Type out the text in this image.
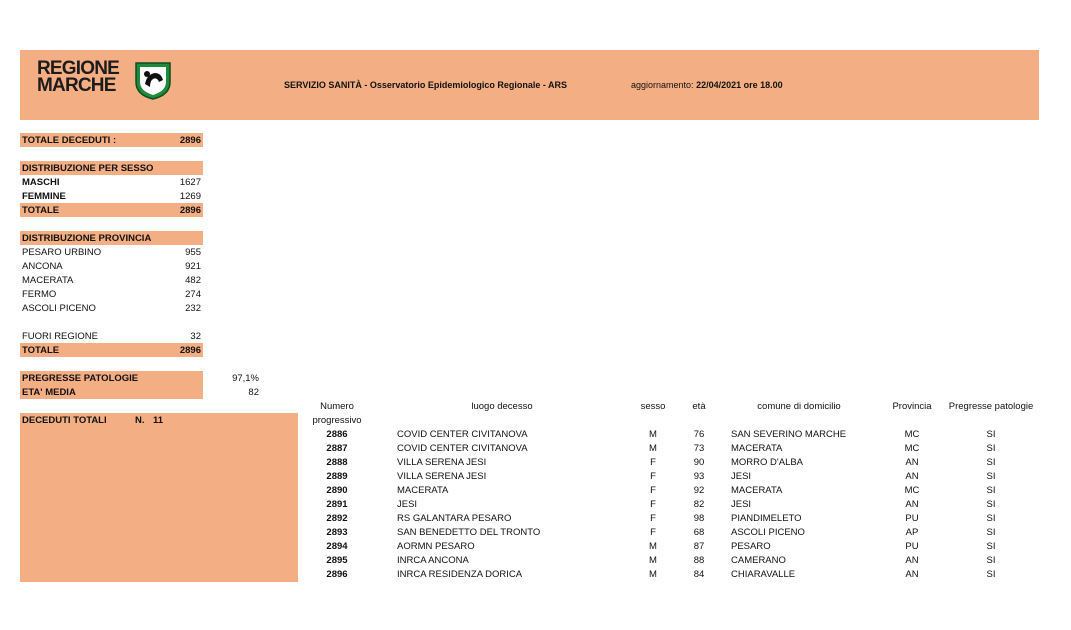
REGIONE
MARCHE	SERVIZIO SANITÀ - Osservatorio Epidemiologico Regionale - ARS	aggiornamento: 22/04/2021 ore 18.00
TOTALE DECEDUTI :	2896
DISTRIBUZIONE PER SESSO
MASCHI	1627
FEMMINE	1269
TOTALE	2896
DISTRIBUZIONE PROVINCIA
PESARO URBINO	955
ANCONA	921
MACERATA	482
FERMO	274
ASCOLI PICENO	232
FUORI REGIONE	32
TOTALE	2896
PREGRESSE PATOLOGIE	97,1%
ETA' MEDIA	82
DECEDUTI TOTALI	N. 11
Numero
progressivo	luogo decesso	sesso	età	comune di domicilio	Provincia	Pregresse patologie
2886	COVID CENTER CIVITANOVA	M	76	SAN SEVERINO MARCHE	MC	SI
2887	COVID CENTER CIVITANOVA	M	73	MACERATA	MC	SI
2888	VILLA SERENA JESI	F	90	MORRO D'ALBA	AN	SI
2889	VILLA SERENA JESI	F	93	JESI	AN	SI
2890	MACERATA	F	92	MACERATA	MC	SI
2891	JESI	F	82	JESI	AN	SI
2892	RS GALANTARA PESARO	F	98	PIANDIMELETO	PU	SI
2893	SAN BENEDETTO DEL TRONTO	F	68	ASCOLI PICENO	AP	SI
2894	AORMN PESARO	M	87	PESARO	PU	SI
2895	INRCA ANCONA	M	88	CAMERANO	AN	SI
2896	INRCA RESIDENZA DORICA	M	84	CHIARAVALLE	AN	SI
